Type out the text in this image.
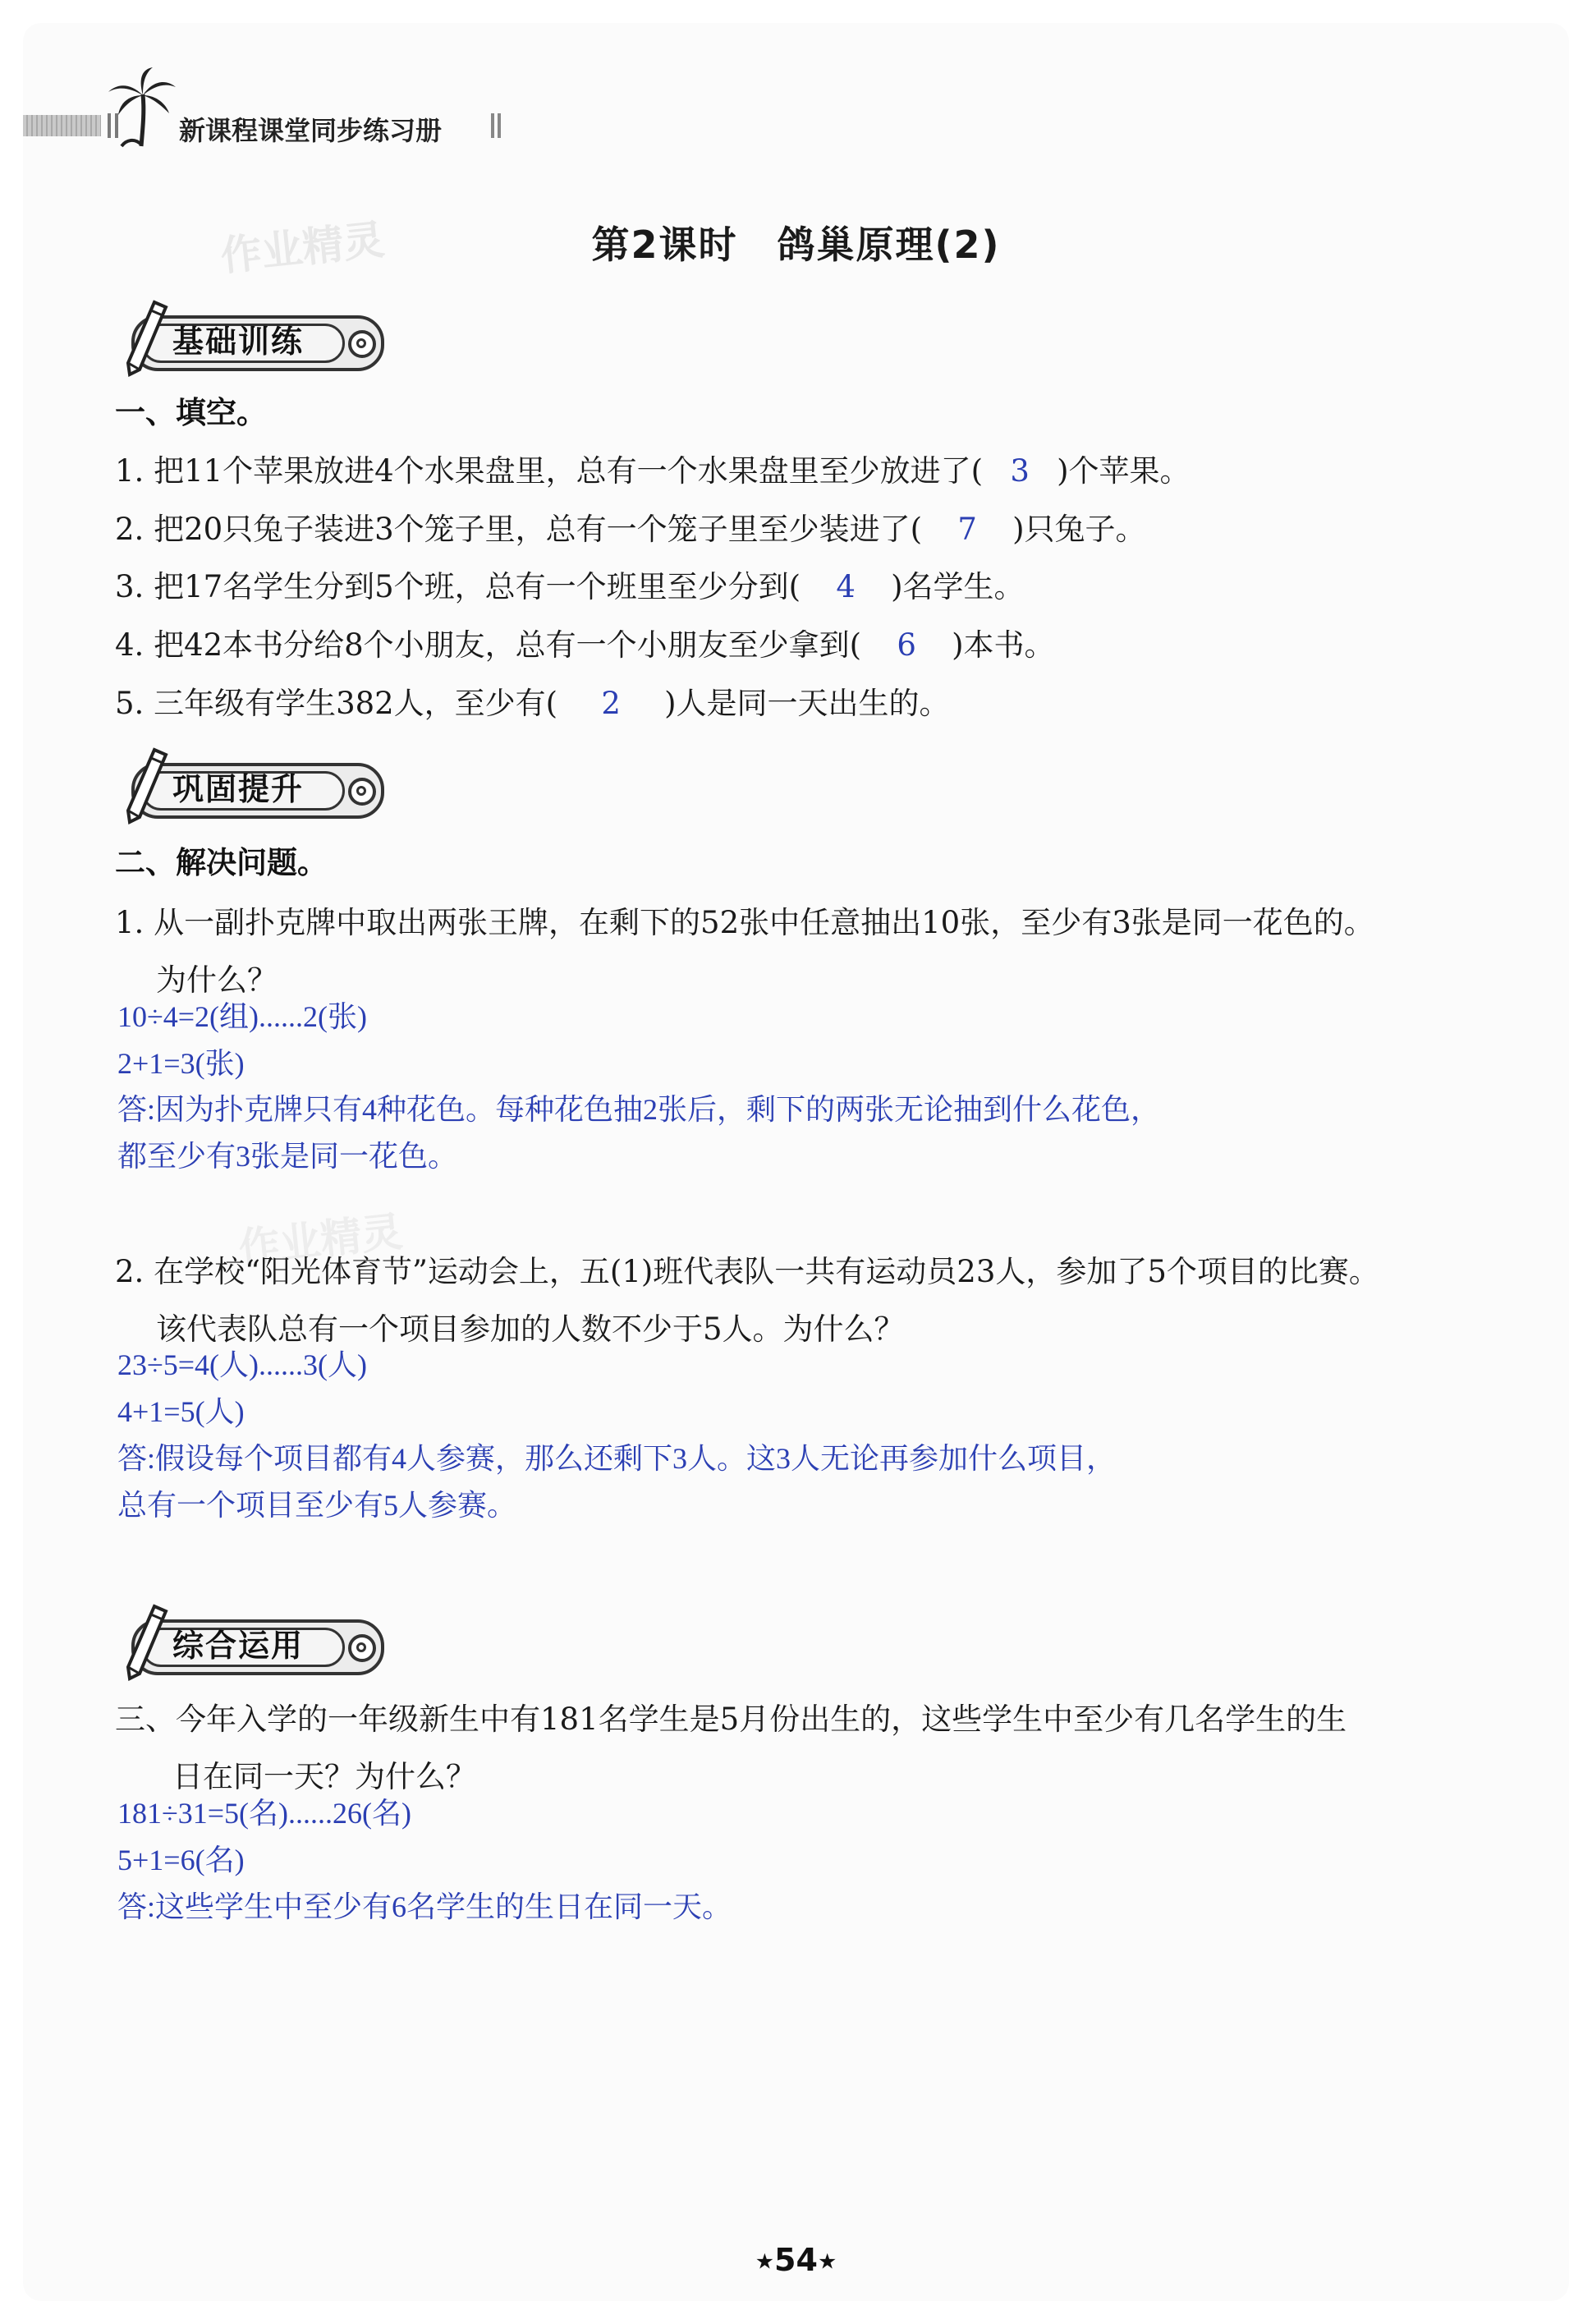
新课程课堂同步练习册
作业精灵
作业精灵
第2课时　鸽巢原理(2)
基础训练
一、填空。
1. 把11个苹果放进4个水果盘里，总有一个水果盘里至少放进了( 3 )个苹果。
2. 把20只兔子装进3个笼子里，总有一个笼子里至少装进了( 7 )只兔子。
3. 把17名学生分到5个班，总有一个班里至少分到( 4 )名学生。
4. 把42本书分给8个小朋友，总有一个小朋友至少拿到( 6 )本书。
5. 三年级有学生382人，至少有( 2 )人是同一天出生的。
巩固提升
二、解决问题。
1. 从一副扑克牌中取出两张王牌，在剩下的52张中任意抽出10张，至少有3张是同一花色的。
为什么？
10÷4=2(组)......2(张)
2+1=3(张)
答:因为扑克牌只有4种花色。每种花色抽2张后，剩下的两张无论抽到什么花色，
都至少有3张是同一花色。
2. 在学校“阳光体育节”运动会上，五(1)班代表队一共有运动员23人，参加了5个项目的比赛。
该代表队总有一个项目参加的人数不少于5人。为什么？
23÷5=4(人)......3(人)
4+1=5(人)
答:假设每个项目都有4人参赛，那么还剩下3人。这3人无论再参加什么项目，
总有一个项目至少有5人参赛。
综合运用
三、今年入学的一年级新生中有181名学生是5月份出生的，这些学生中至少有几名学生的生
日在同一天？为什么？
181÷31=5(名)......26(名)
5+1=6(名)
答:这些学生中至少有6名学生的生日在同一天。
★54★
